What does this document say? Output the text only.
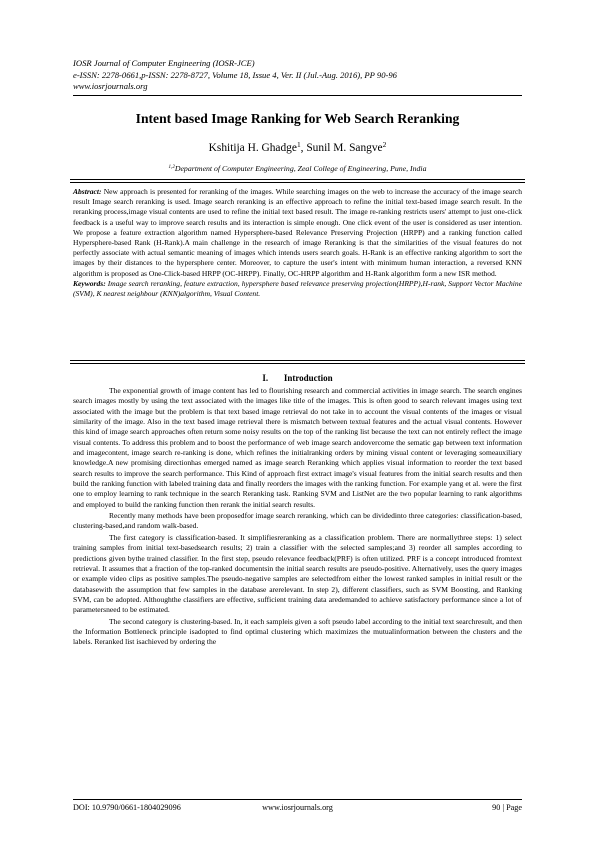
IOSR Journal of Computer Engineering (IOSR-JCE)
e-ISSN: 2278-0661,p-ISSN: 2278-8727, Volume 18, Issue 4, Ver. II (Jul.-Aug. 2016), PP 90-96
www.iosrjournals.org
Intent based Image Ranking for Web Search Reranking
Kshitija H. Ghadge$^1$, Sunil M. Sangve$^2$
$^{1,2}$Department of Computer Engineering, Zeal College of Engineering, Pune, India
Abstract: New approach is presented for reranking of the images. While searching images on the web to increase the accuracy of the image search result Image search reranking is used. Image search reranking is an effective approach to refine the initial text-based image search result. In the reranking process,image visual contents are used to refine the initial text based result. The image re-ranking restricts users' attempt to just one-click feedback is a useful way to improve search results and its interaction is simple enough. One click event of the user is considered as user intention. We propose a feature extraction algorithm named Hypersphere-based Relevance Preserving Projection (HRPP) and a ranking function called Hypersphere-based Rank (H-Rank).A main challenge in the research of image Reranking is that the similarities of the visual features do not perfectly associate with actual semantic meaning of images which intends users search goals. H-Rank is an effective ranking algorithm to sort the images by their distances to the hypersphere center. Moreover, to capture the user's intent with minimum human interaction, a reversed KNN algorithm is proposed as One-Click-based HRPP (OC-HRPP). Finally, OC-HRPP algorithm and H-Rank algorithm form a new ISR method.
Keywords: Image search reranking, feature extraction, hypersphere based relevance preserving projection(HRPP),H-rank, Support Vector Machine (SVM), K nearest neighbour (KNN)algorithm, Visual Content.
I. Introduction

The exponential growth of image content has led to flourishing research and commercial activities in image search. The search engines search images mostly by using the text associated with the images like title of the images. This is often good to search relevant images using text associated with the image but the problem is that text based image retrieval do not take in to account the visual contents of the images or visual similarity of the image. Also in the text based image retrieval there is mismatch between textual features and the actual visual contents. However this kind of image search approaches often return some noisy results on the top of the ranking list because the text can not entirely reflect the image visual contents. To address this problem and to boost the performance of web image search andovercome the sematic gap between text information and imagecontent, image search re-ranking is done, which refines the initialranking orders by mining visual content or leveraging someauxiliary knowledge.A new promising directionhas emerged named as image search Reranking which applies visual information to reorder the text based search results to improve the search performance. This Kind of approach first extract image's visual features from the initial search results and then build the ranking function with labeled training data and finally reorders the images with the ranking function. For example yang et al. were the first one to employ learning to rank technique in the search Reranking task. Ranking SVM and ListNet are the two popular learning to rank algorithms and employed to build the ranking function then rerank the initial search results.

Recently many methods have been proposedfor image search reranking, which can be dividedinto three categories: classification-based, clustering-based,and random walk-based.

The first category is classification-based. It simplifiesreranking as a classification problem. There are normallythree steps: 1) select training samples from initial text-basedsearch results; 2) train a classifier with the selected samples;and 3) reorder all samples according to predictions given bythe trained classifier. In the first step, pseudo relevance feedback(PRF) is often utilized. PRF is a concept introduced fromtext retrieval. It assumes that a fraction of the top-ranked documentsin the initial search results are pseudo-positive. Alternatively, uses the query images or example video clips as positive samples.The pseudo-negative samples are selectedfrom either the lowest ranked samples in initial result or the databasewith the assumption that few samples in the database arerelevant. In step 2), different classifiers, such as SVM Boosting, and Ranking SVM, can be adopted. Althoughthe classifiers are effective, sufficient training data aredemanded to achieve satisfactory performance since a lot of parametersneed to be estimated.

The second category is clustering-based. In, it each sampleis given a soft pseudo label according to the initial text searchresult, and then the Information Bottleneck principle isadopted to find optimal clustering which maximizes the mutualinformation between the clusters and the labels. Reranked list isachieved by ordering the

DOI: 10.9790/0661-1804029096	www.iosrjournals.org	90 | Page
